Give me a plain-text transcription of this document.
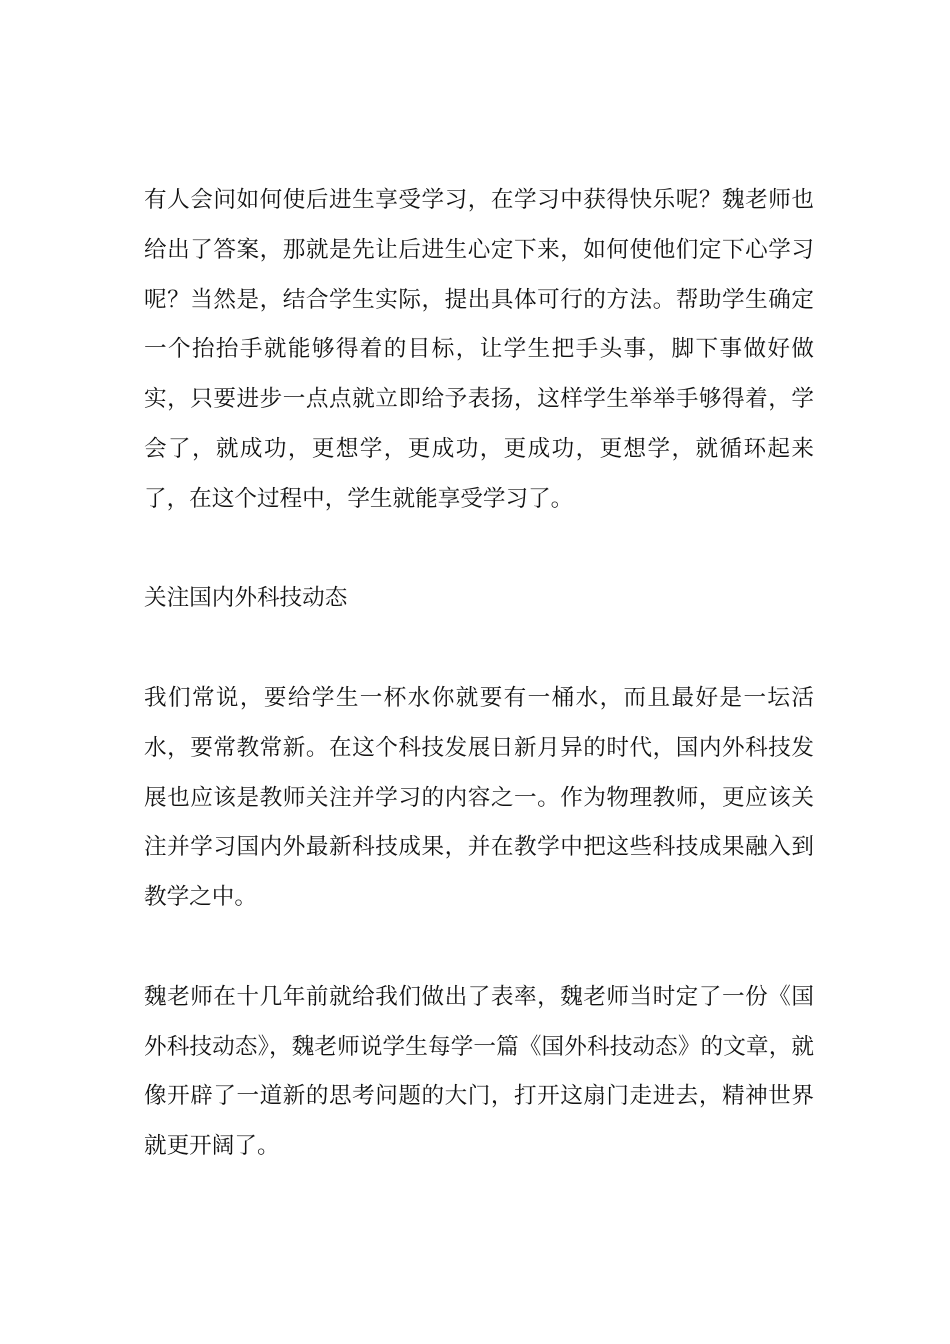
有人会问如何使后进生享受学习，在学习中获得快乐呢？魏老师也给出了答案，那就是先让后进生心定下来，如何使他们定下心学习呢？当然是，结合学生实际，提出具体可行的方法。帮助学生确定一个抬抬手就能够得着的目标，让学生把手头事，脚下事做好做实，只要进步一点点就立即给予表扬，这样学生举举手够得着，学会了，就成功，更想学，更成功，更成功，更想学，就循环起来了，在这个过程中，学生就能享受学习了。

关注国内外科技动态

我们常说，要给学生一杯水你就要有一桶水，而且最好是一坛活水，要常教常新。在这个科技发展日新月异的时代，国内外科技发展也应该是教师关注并学习的内容之一。作为物理教师，更应该关注并学习国内外最新科技成果，并在教学中把这些科技成果融入到教学之中。

魏老师在十几年前就给我们做出了表率，魏老师当时定了一份《国外科技动态》，魏老师说学生每学一篇《国外科技动态》的文章，就像开辟了一道新的思考问题的大门，打开这扇门走进去，精神世界就更开阔了。
